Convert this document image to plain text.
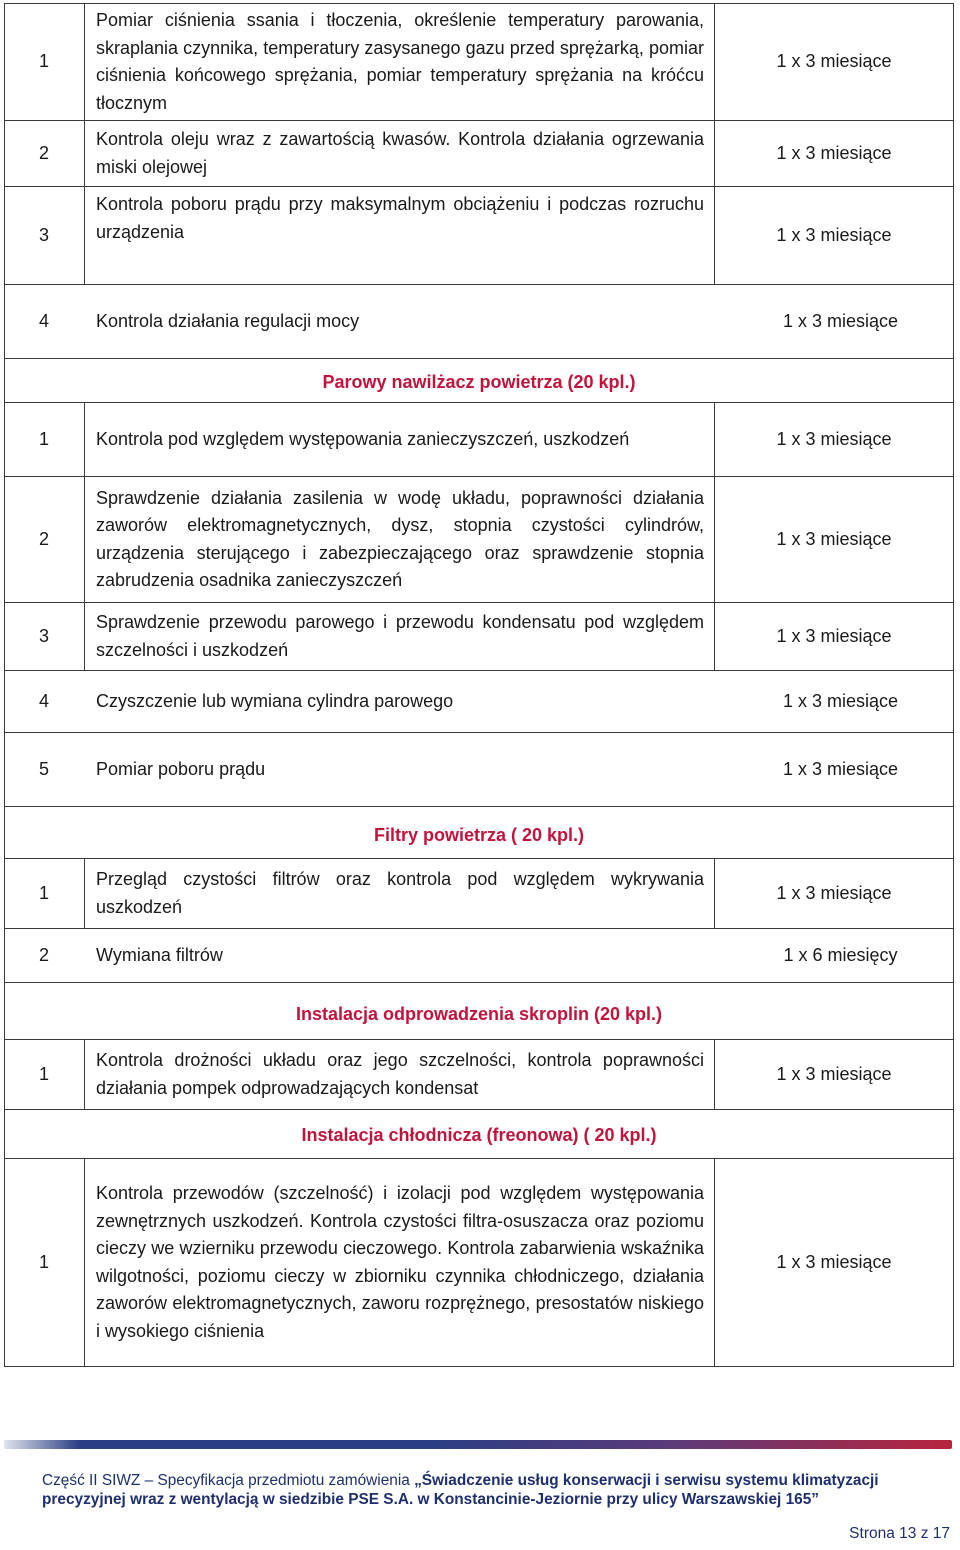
1	Pomiar ciśnienia ssania i tłoczenia, określenie temperatury parowania, skraplania czynnika, temperatury zasysanego gazu przed sprężarką, pomiar ciśnienia końcowego sprężania, pomiar temperatury sprężania na króćcu tłocznym	1 x 3 miesiące
2	Kontrola oleju wraz z zawartością kwasów. Kontrola działania ogrzewania miski olejowej	1 x 3 miesiące
3	Kontrola poboru prądu przy maksymalnym obciążeniu i podczas rozruchu urządzenia	1 x 3 miesiące

4 Kontrola działania regulacji mocy 1 x 3 miesiące		

Parowy nawilżacz powietrza (20 kpl.)		
1	Kontrola pod względem występowania zanieczyszczeń, uszkodzeń	1 x 3 miesiące
2	Sprawdzenie działania zasilenia w wodę układu, poprawności działania zaworów elektromagnetycznych, dysz, stopnia czystości cylindrów, urządzenia sterującego i zabezpieczającego oraz sprawdzenie stopnia zabrudzenia osadnika zanieczyszczeń	1 x 3 miesiące
3	Sprawdzenie przewodu parowego i przewodu kondensatu pod względem szczelności i uszkodzeń	1 x 3 miesiące

4 Czyszczenie lub wymiana cylindra parowego 1 x 3 miesiące		

5 Pomiar poboru prądu 1 x 3 miesiące		

Filtry powietrza ( 20 kpl.)		
1	Przegląd czystości filtrów oraz kontrola pod względem wykrywania uszkodzeń	1 x 3 miesiące

2 Wymiana filtrów 1 x 6 miesięcy		

Instalacja odprowadzenia skroplin (20 kpl.)		
1	Kontrola drożności układu oraz jego szczelności, kontrola poprawności działania pompek odprowadzających kondensat	1 x 3 miesiące
Instalacja chłodnicza (freonowa) ( 20 kpl.)		
1	Kontrola przewodów (szczelność) i izolacji pod względem występowania zewnętrznych uszkodzeń. Kontrola czystości filtra-osuszacza oraz poziomu cieczy we wzierniku przewodu cieczowego. Kontrola zabarwienia wskaźnika wilgotności, poziomu cieczy w zbiorniku czynnika chłodniczego, działania zaworów elektromagnetycznych, zaworu rozprężnego, presostatów niskiego i wysokiego ciśnienia	1 x 3 miesiące
Część II SIWZ – Specyfikacja przedmiotu zamówienia „Świadczenie usług konserwacji i serwisu systemu klimatyzacji precyzyjnej wraz z wentylacją w siedzibie PSE S.A. w Konstancinie-Jeziornie przy ulicy Warszawskiej 165”
Strona 13 z 17
